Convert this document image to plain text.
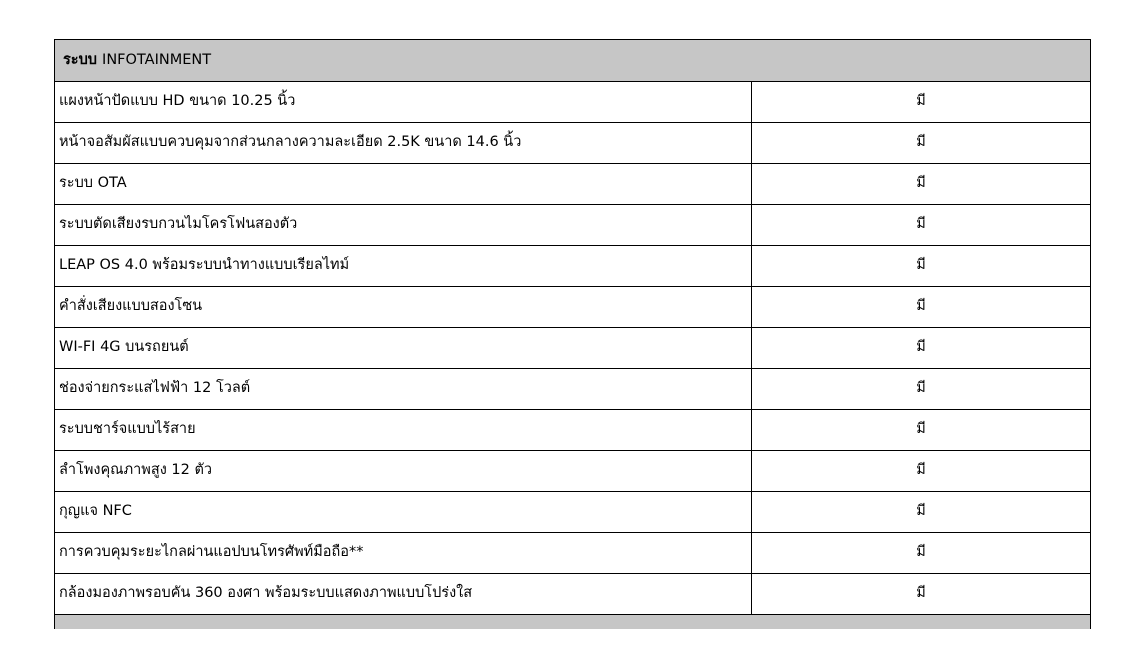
ระบบ INFOTAINMENT	
แผงหน้าปัดแบบ HD ขนาด 10.25 นิ้ว	มี
หน้าจอสัมผัสแบบควบคุมจากส่วนกลางความละเอียด 2.5K ขนาด 14.6 นิ้ว	มี
ระบบ OTA	มี
ระบบตัดเสียงรบกวนไมโครโฟนสองตัว	มี
LEAP OS 4.0 พร้อมระบบนำทางแบบเรียลไทม์	มี
คำสั่งเสียงแบบสองโซน	มี
WI-FI 4G บนรถยนต์	มี
ช่องจ่ายกระแสไฟฟ้า 12 โวลต์	มี
ระบบชาร์จแบบไร้สาย	มี
ลำโพงคุณภาพสูง 12 ตัว	มี
กุญแจ NFC	มี
การควบคุมระยะไกลผ่านแอปบนโทรศัพท์มือถือ**	มี
กล้องมองภาพรอบคัน 360 องศา พร้อมระบบแสดงภาพแบบโปร่งใส	มี
